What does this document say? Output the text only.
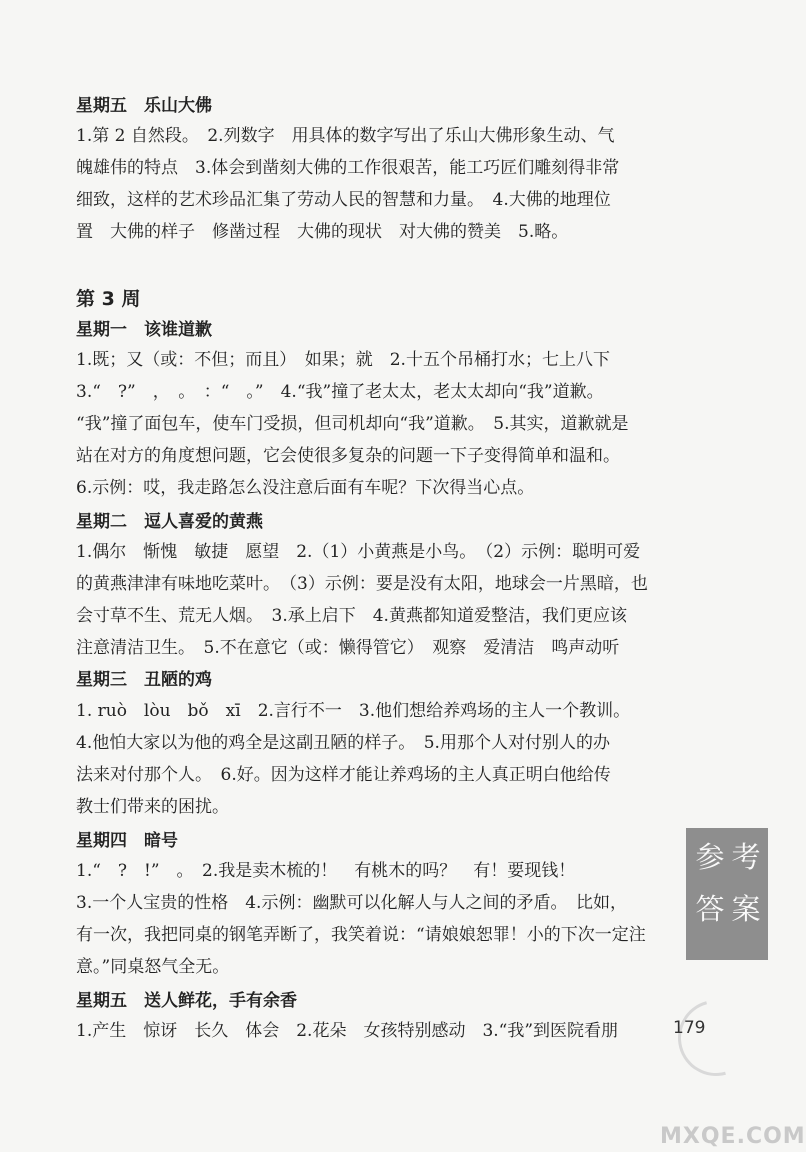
星期五　乐山大佛
1.第 2 自然段。　2.列数字　用具体的数字写出了乐山大佛形象生动、气
魄雄伟的特点　3.体会到凿刻大佛的工作很艰苦，能工巧匠们雕刻得非常
细致，这样的艺术珍品汇集了劳动人民的智慧和力量。　4.大佛的地理位
置　大佛的样子　修凿过程　大佛的现状　对大佛的赞美　5.略。
第 3 周
星期一　该谁道歉
1.既；又（或：不但；而且）　如果；就　2.十五个吊桶打水；七上八下
3.“　?”　，　。　：“　。”　4.“我”撞了老太太，老太太却向“我”道歉。
“我”撞了面包车，使车门受损，但司机却向“我”道歉。　5.其实，道歉就是
站在对方的角度想问题，它会使很多复杂的问题一下子变得简单和温和。
6.示例：哎，我走路怎么没注意后面有车呢？下次得当心点。
星期二　逗人喜爱的黄燕
1.偶尔　惭愧　敏捷　愿望　2.（1）小黄燕是小鸟。　（2）示例：聪明可爱
的黄燕津津有味地吃菜叶。　（3）示例：要是没有太阳，地球会一片黑暗，也
会寸草不生、荒无人烟。　3.承上启下　4.黄燕都知道爱整洁，我们更应该
注意清洁卫生。　5.不在意它（或：懒得管它）　观察　爱清洁　鸣声动听
星期三　丑陋的鸡
1. ruò　lòu　bǒ　xī　2.言行不一　3.他们想给养鸡场的主人一个教训。
4.他怕大家以为他的鸡全是这副丑陋的样子。　5.用那个人对付别人的办
法来对付那个人。　6.好。因为这样才能让养鸡场的主人真正明白他给传
教士们带来的困扰。
星期四　暗号
1.“　?　!”　。　2.我是卖木梳的！　有桃木的吗？　有！要现钱！
3.一个人宝贵的性格　4.示例：幽默可以化解人与人之间的矛盾。　比如，
有一次，我把同桌的钢笔弄断了，我笑着说：“请娘娘恕罪！小的下次一定注
意。”同桌怒气全无。
星期五　送人鲜花，手有余香
1.产生　惊讶　长久　体会　2.花朵　女孩特别感动　3.“我”到医院看朋
参 考
答 案
179
MXQE.COM
